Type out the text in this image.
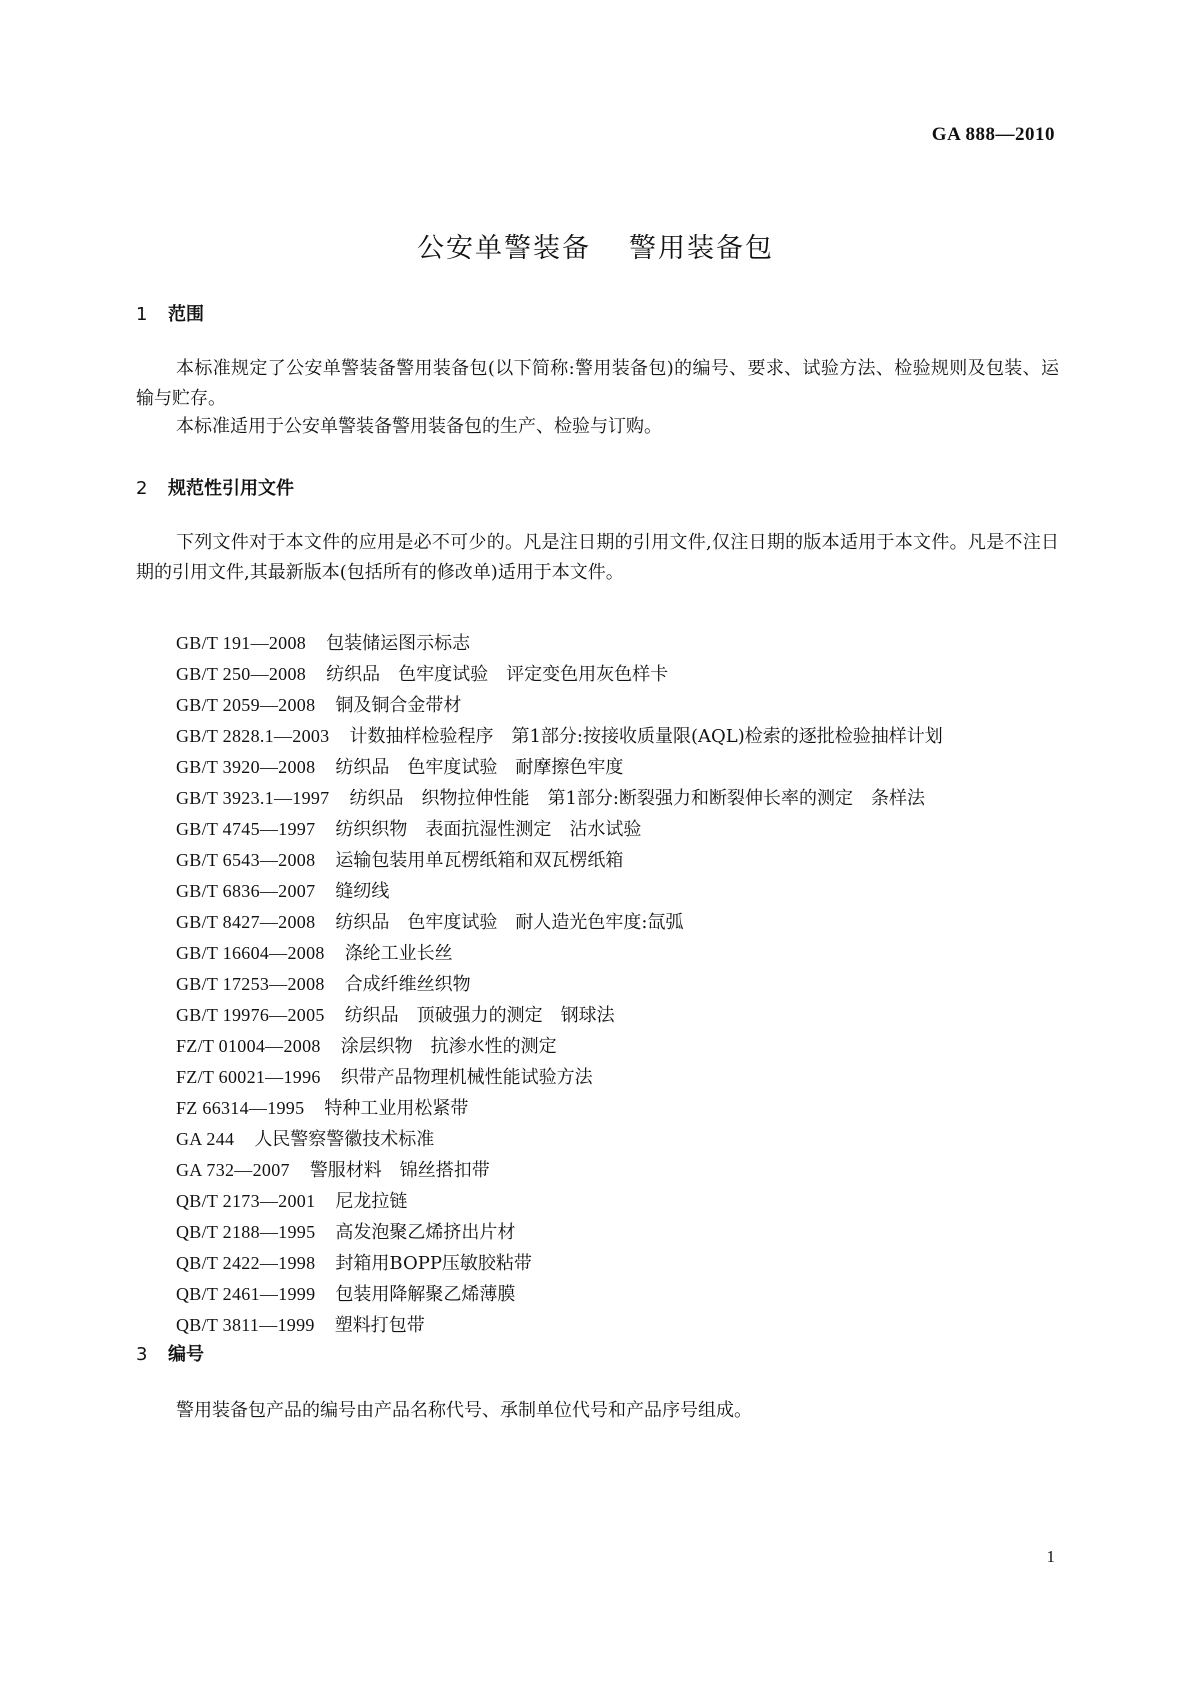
GA 888—2010
公安单警装备 警用装备包
1 范围
本标准规定了公安单警装备警用装备包(以下简称:警用装备包)的编号、要求、试验方法、检验规则及包装、运输与贮存。
本标准适用于公安单警装备警用装备包的生产、检验与订购。
2 规范性引用文件
下列文件对于本文件的应用是必不可少的。凡是注日期的引用文件,仅注日期的版本适用于本文件。凡是不注日期的引用文件,其最新版本(包括所有的修改单)适用于本文件。
GB/T 191—2008 包装储运图示标志
GB/T 250—2008 纺织品　色牢度试验　评定变色用灰色样卡
GB/T 2059—2008 铜及铜合金带材
GB/T 2828.1—2003 计数抽样检验程序　第1部分:按接收质量限(AQL)检索的逐批检验抽样计划
GB/T 3920—2008 纺织品　色牢度试验　耐摩擦色牢度
GB/T 3923.1—1997 纺织品　织物拉伸性能　第1部分:断裂强力和断裂伸长率的测定　条样法
GB/T 4745—1997 纺织织物　表面抗湿性测定　沾水试验
GB/T 6543—2008 运输包装用单瓦楞纸箱和双瓦楞纸箱
GB/T 6836—2007 缝纫线
GB/T 8427—2008 纺织品　色牢度试验　耐人造光色牢度:氙弧
GB/T 16604—2008 涤纶工业长丝
GB/T 17253—2008 合成纤维丝织物
GB/T 19976—2005 纺织品　顶破强力的测定　钢球法
FZ/T 01004—2008 涂层织物　抗渗水性的测定
FZ/T 60021—1996 织带产品物理机械性能试验方法
FZ 66314—1995 特种工业用松紧带
GA 244 人民警察警徽技术标准
GA 732—2007 警服材料　锦丝搭扣带
QB/T 2173—2001 尼龙拉链
QB/T 2188—1995 高发泡聚乙烯挤出片材
QB/T 2422—1998 封箱用BOPP压敏胶粘带
QB/T 2461—1999 包装用降解聚乙烯薄膜
QB/T 3811—1999 塑料打包带
3 编号
警用装备包产品的编号由产品名称代号、承制单位代号和产品序号组成。
1
